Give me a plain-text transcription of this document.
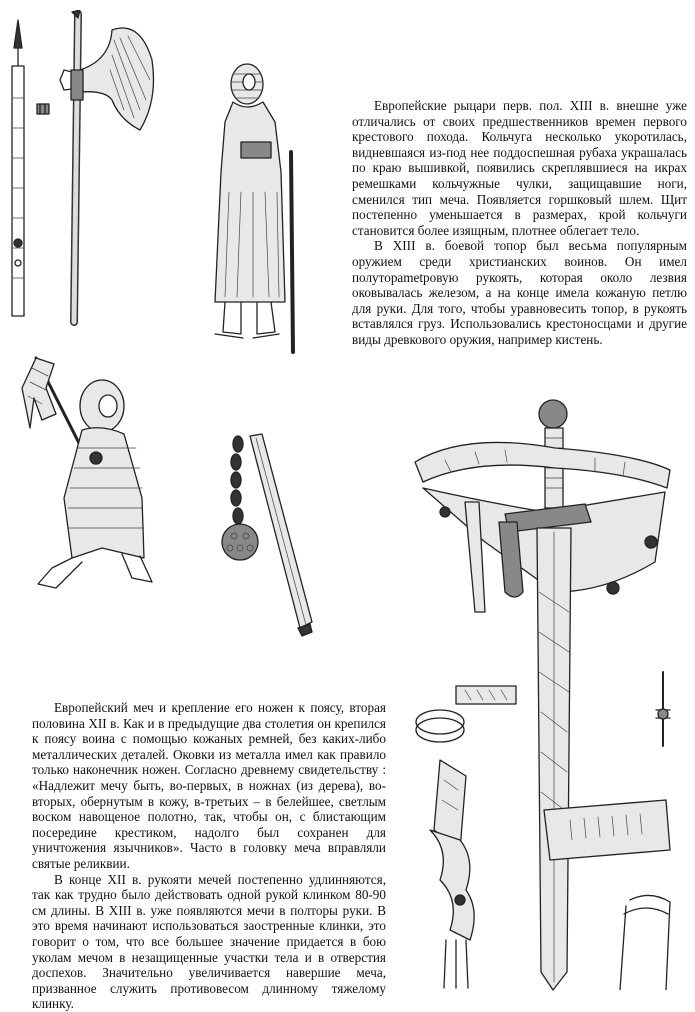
Европейские рыцари перв. пол. XIII в. внешне уже отличались от своих предшественников времен первого крестового похода. Кольчуга несколько укоротилась, видневшаяся из-под нее поддоспешная рубаха украшалась по краю вышивкой, появились скреплявшиеся на икрах ремешками кольчужные чулки, защищавшие ноги, сменился тип меча. Появляется горшковый шлем. Щит постепенно уменьшается в размерах, крой кольчуги становится более изящным, плотнее облегает тело.

В XIII в. боевой топор был весьма популярным оружием среди христианских воинов. Он имел полуторametровую рукоять, которая около лезвия оковывалась железом, а на конце имела кожаную петлю для руки. Для того, чтобы уравновесить топор, в рукоять вставлялся груз. Использовались крестоносцами и другие виды древкового оружия, например кистень.

Европейский меч и крепление его ножен к поясу, вторая половина XII в. Как и в предыдущие два столетия он крепился к поясу воина с помощью кожаных ремней, без каких-либо металлических деталей. Оковки из металла имел как правило только наконечник ножен. Согласно древнему свидетельству : «Надлежит мечу быть, во-первых, в ножнах (из дерева), во-вторых, обернутым в кожу, в-третьих – в белейшее, светлым воском навощеное полотно, так, чтобы он, с блистающим посередине крестиком, надолго был сохранен для уничтожения язычников». Часто в головку меча вправляли святые реликвии.

В конце XII в. рукояти мечей постепенно удлинняются, так как трудно было действовать одной рукой клинком 80-90 см длины. В XIII в. уже появляются мечи в полторы руки. В это время начинают использоваться заостренные клинки, это говорит о том, что все большее значение придается в бою уколам мечом в незащищенные участки тела и в отверстия доспехов. Значительно увеличивается навершие меча, призванное служить противовесом длинному тяжелому клинку.
